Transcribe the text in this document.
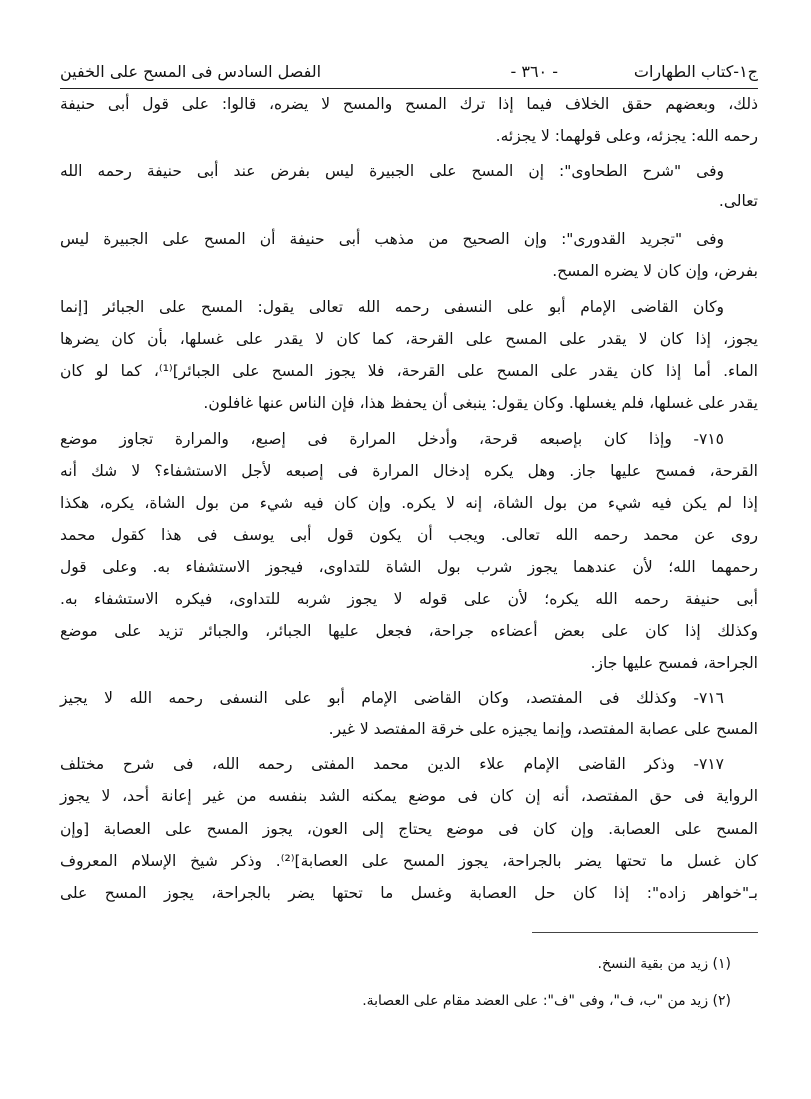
ج١-كتاب الطهارات
- ٣٦٠ -
الفصل السادس فى المسح على الخفين
ذلك، وبعضهم حقق الخلاف فيما إذا ترك المسح والمسح لا يضره، قالوا: على قول أبى حنيفة
رحمه الله: يجزئه، وعلى قولهما: لا يجزئه.
وفى "شرح الطحاوى": إن المسح على الجبيرة ليس بفرض عند أبى حنيفة رحمه الله
تعالى.
وفى "تجريد القدورى": وإن الصحيح من مذهب أبى حنيفة أن المسح على الجبيرة ليس
بفرض، وإن كان لا يضره المسح.
وكان القاضى الإمام أبو على النسفى رحمه الله تعالى يقول: المسح على الجبائر [إنما
يجوز، إذا كان لا يقدر على المسح على القرحة، كما كان لا يقدر على غسلها، بأن كان يضرها
الماء. أما إذا كان يقدر على المسح على القرحة، فلا يجوز المسح على الجبائر]⁽¹⁾، كما لو كان
يقدر على غسلها، فلم يغسلها. وكان يقول: ينبغى أن يحفظ هذا، فإن الناس عنها غافلون.
٧١٥- وإذا كان بإصبعه قرحة، وأدخل المرارة فى إصبع، والمرارة تجاوز موضع
القرحة، فمسح عليها جاز. وهل يكره إدخال المرارة فى إصبعه لأجل الاستشفاء؟ لا شك أنه
إذا لم يكن فيه شيء من بول الشاة، إنه لا يكره. وإن كان فيه شيء من بول الشاة، يكره، هكذا
روى عن محمد رحمه الله تعالى. ويجب أن يكون قول أبى يوسف فى هذا كقول محمد
رحمهما الله؛ لأن عندهما يجوز شرب بول الشاة للتداوى، فيجوز الاستشفاء به. وعلى قول
أبى حنيفة رحمه الله يكره؛ لأن على قوله لا يجوز شربه للتداوى، فيكره الاستشفاء به.
وكذلك إذا كان على بعض أعضاءه جراحة، فجعل عليها الجبائر، والجبائر تزيد على موضع
الجراحة، فمسح عليها جاز.
٧١٦- وكذلك فى المفتصد، وكان القاضى الإمام أبو على النسفى رحمه الله لا يجيز
المسح على عصابة المفتصد، وإنما يجيزه على خرقة المفتصد لا غير.
٧١٧- وذكر القاضى الإمام علاء الدين محمد المفتى رحمه الله، فى شرح مختلف
الرواية فى حق المفتصد، أنه إن كان فى موضع يمكنه الشد بنفسه من غير إعانة أحد، لا يجوز
المسح على العصابة. وإن كان فى موضع يحتاج إلى العون، يجوز المسح على العصابة [وإن
كان غسل ما تحتها يضر بالجراحة، يجوز المسح على العصابة]⁽²⁾. وذكر شيخ الإسلام المعروف
بـ"خواهر زاده": إذا كان حل العصابة وغسل ما تحتها يضر بالجراحة، يجوز المسح على
(١) زيد من بقية النسخ.
(٢) زيد من "ب، ف"، وفى "ف": على العضد مقام على العصابة.
